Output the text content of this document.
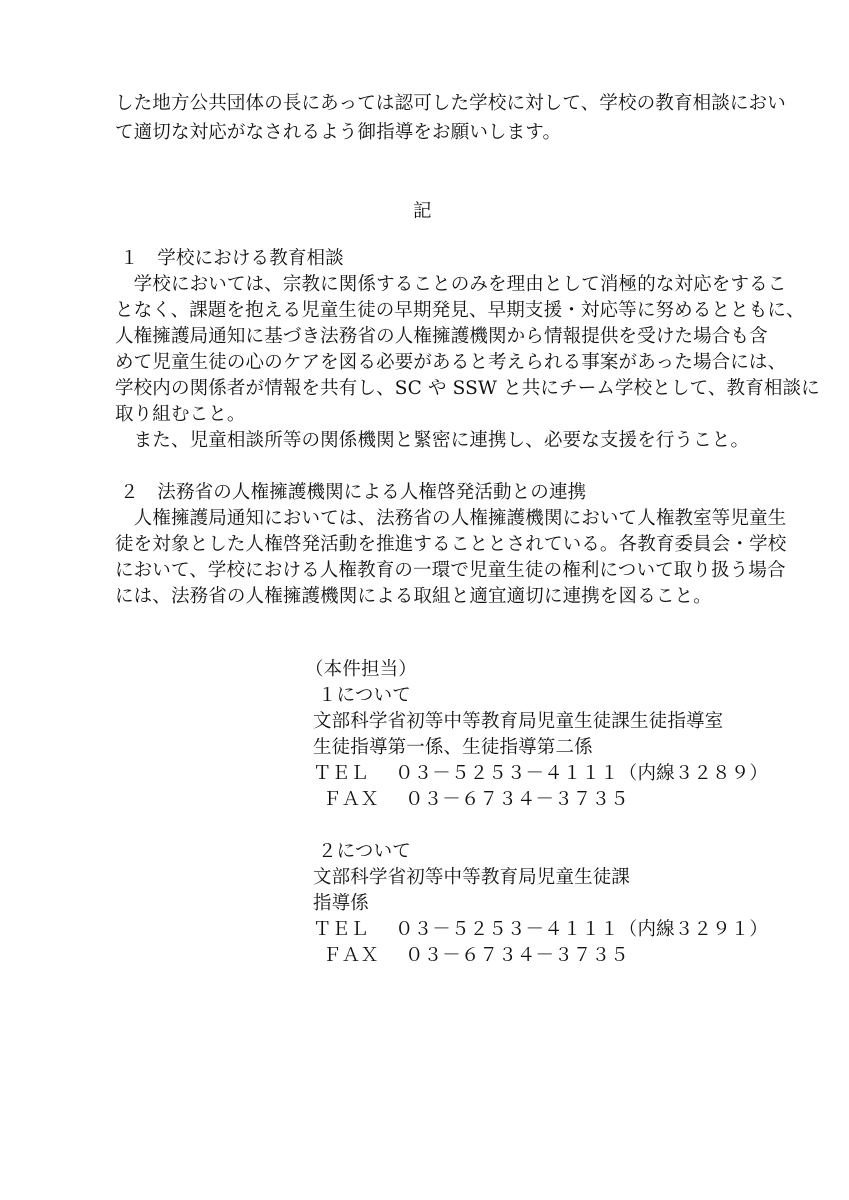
した地方公共団体の長にあっては認可した学校に対して、学校の教育相談におい
て適切な対応がなされるよう御指導をお願いします。
記
１　学校における教育相談
　学校においては、宗教に関係することのみを理由として消極的な対応をするこ
となく、課題を抱える児童生徒の早期発見、早期支援・対応等に努めるとともに、
人権擁護局通知に基づき法務省の人権擁護機関から情報提供を受けた場合も含
めて児童生徒の心のケアを図る必要があると考えられる事案があった場合には、
学校内の関係者が情報を共有し、SC や SSW と共にチーム学校として、教育相談に
取り組むこと。
　また、児童相談所等の関係機関と緊密に連携し、必要な支援を行うこと。
２　法務省の人権擁護機関による人権啓発活動との連携
　人権擁護局通知においては、法務省の人権擁護機関において人権教室等児童生
徒を対象とした人権啓発活動を推進することとされている。各教育委員会・学校
において、学校における人権教育の一環で児童生徒の権利について取り扱う場合
には、法務省の人権擁護機関による取組と適宜適切に連携を図ること。
（本件担当）
１について
文部科学省初等中等教育局児童生徒課生徒指導室
生徒指導第一係、生徒指導第二係
ＴＥＬ ０３－５２５３－４１１１（内線３２８９）
ＦＡＸ ０３－６７３４－３７３５
２について
文部科学省初等中等教育局児童生徒課
指導係
ＴＥＬ ０３－５２５３－４１１１（内線３２９１）
ＦＡＸ ０３－６７３４－３７３５
